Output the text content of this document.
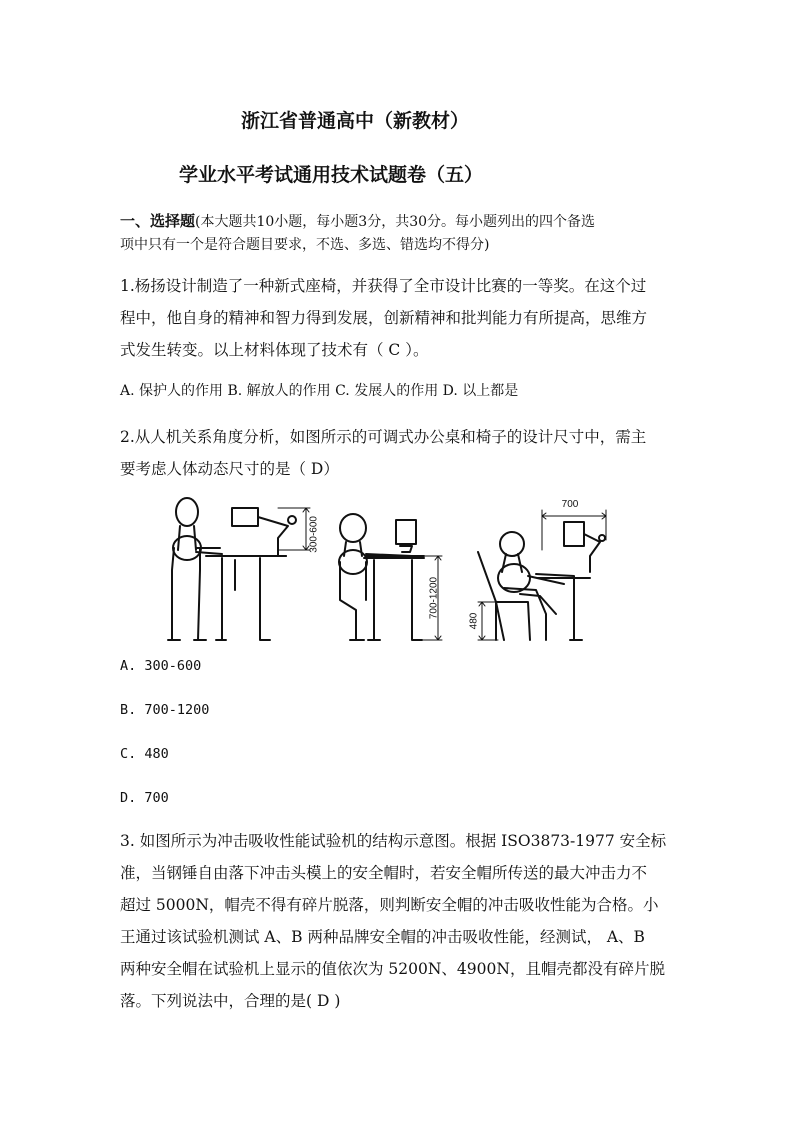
浙江省普通高中（新教材）
学业水平考试通用技术试题卷（五）
一、选择题(本大题共10小题，每小题3分，共30分。每小题列出的四个备选
项中只有一个是符合题目要求，不选、多选、错选均不得分)
1.杨扬设计制造了一种新式座椅，并获得了全市设计比赛的一等奖。在这个过
程中，他自身的精神和智力得到发展，创新精神和批判能力有所提高，思维方
式发生转变。以上材料体现了技术有（ C ）。
A. 保护人的作用 B. 解放人的作用 C. 发展人的作用 D. 以上都是
2.从人机关系角度分析，如图所示的可调式办公桌和椅子的设计尺寸中，需主
要考虑人体动态尺寸的是（ D）
300-600
700-1200
480
700
A. 300-600
B. 700-1200
C. 480
D. 700
3. 如图所示为冲击吸收性能试验机的结构示意图。根据 ISO3873-1977 安全标
准，当钢锤自由落下冲击头模上的安全帽时，若安全帽所传送的最大冲击力不
超过 5000N，帽壳不得有碎片脱落，则判断安全帽的冲击吸收性能为合格。小
王通过该试验机测试 A、B 两种品牌安全帽的冲击吸收性能，经测试， A、B
两种安全帽在试验机上显示的值依次为 5200N、4900N，且帽壳都没有碎片脱
落。下列说法中，合理的是( D )
